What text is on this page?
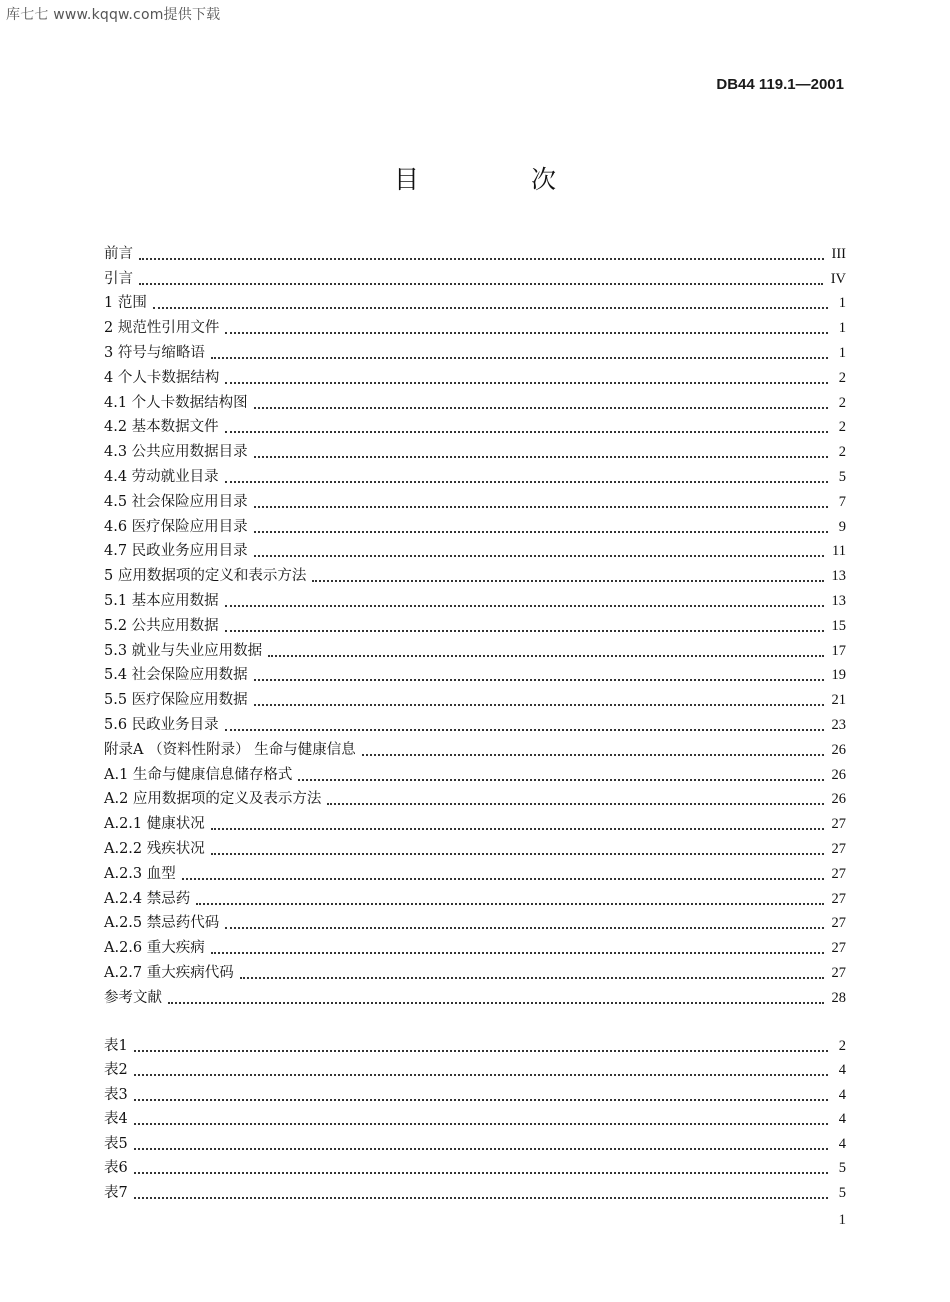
库七七 www.kqqw.com提供下载
DB44 119.1—2001
目 次
前言	III
引言	IV
1 范围	1
2 规范性引用文件	1
3 符号与缩略语	1
4 个人卡数据结构	2
4.1 个人卡数据结构图	2
4.2 基本数据文件	2
4.3 公共应用数据目录	2
4.4 劳动就业目录	5
4.5 社会保险应用目录	7
4.6 医疗保险应用目录	9
4.7 民政业务应用目录	11
5 应用数据项的定义和表示方法	13
5.1 基本应用数据	13
5.2 公共应用数据	15
5.3 就业与失业应用数据	17
5.4 社会保险应用数据	19
5.5 医疗保险应用数据	21
5.6 民政业务目录	23
附录A （资料性附录） 生命与健康信息	26
A.1 生命与健康信息储存格式	26
A.2 应用数据项的定义及表示方法	26
A.2.1 健康状况	27
A.2.2 残疾状况	27
A.2.3 血型	27
A.2.4 禁忌药	27
A.2.5 禁忌药代码	27
A.2.6 重大疾病	27
A.2.7 重大疾病代码	27
参考文献	28
表1	2
表2	4
表3	4
表4	4
表5	4
表6	5
表7	5
1
